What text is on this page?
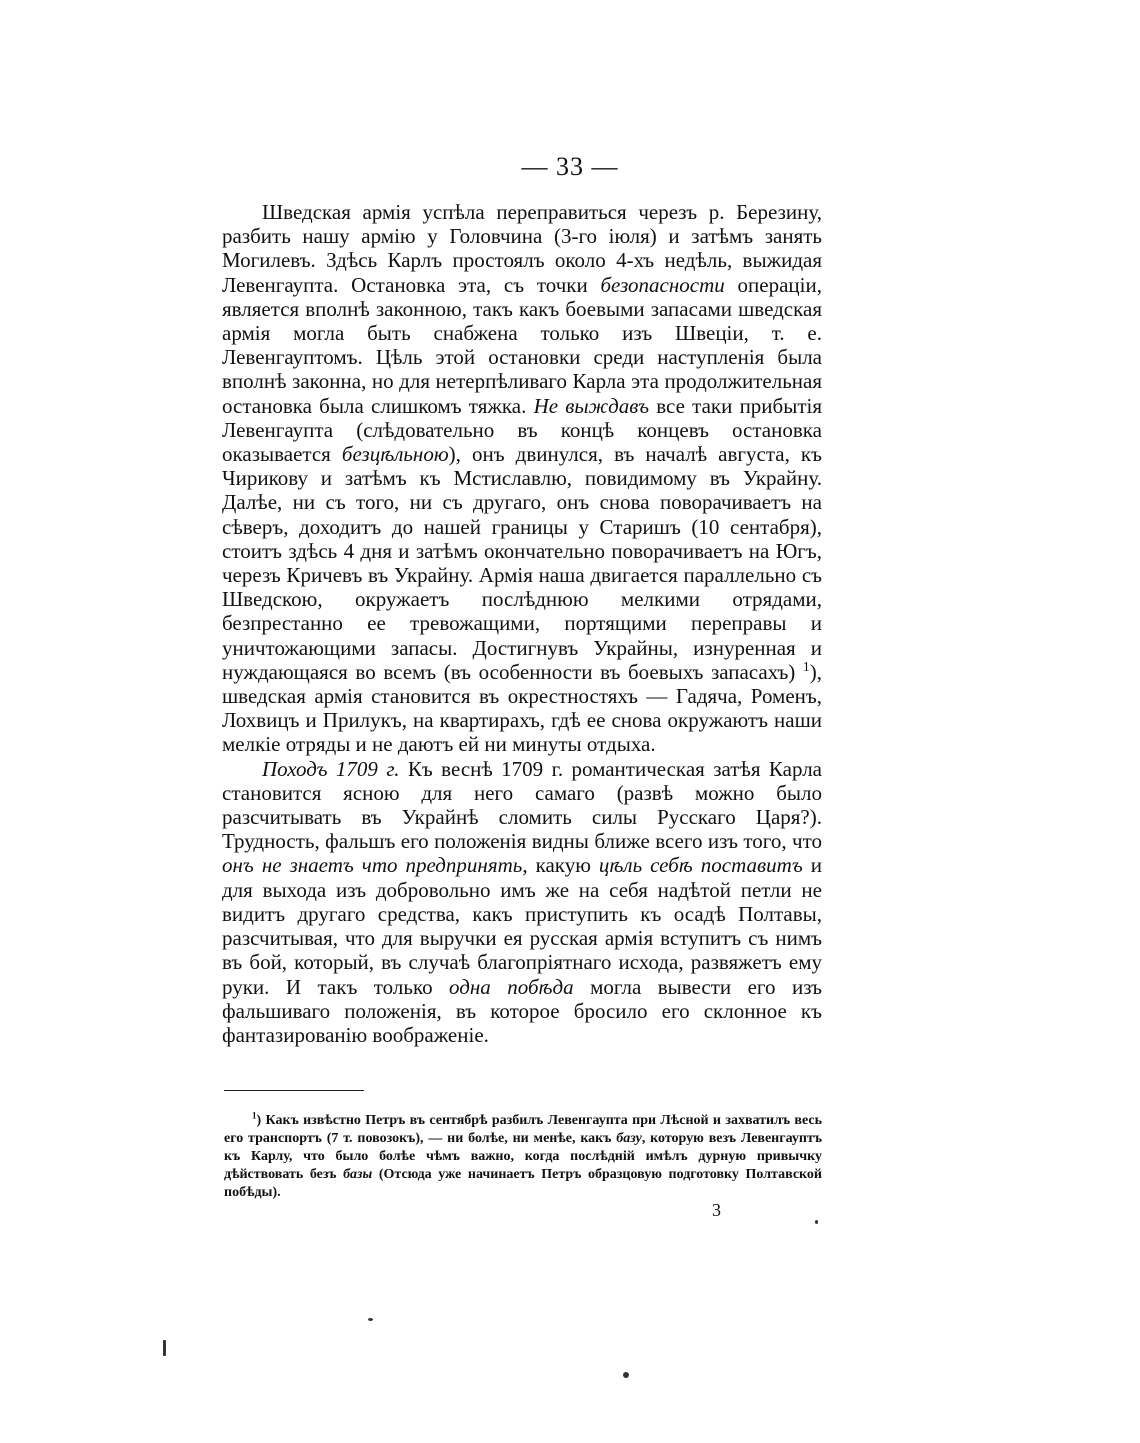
— 33 —

Шведская армія успѣла переправиться черезъ р. Березину, разбить нашу армію у Головчина (3-го іюля) и затѣмъ занять Могилевъ. Здѣсь Карлъ простоялъ около 4-хъ недѣль, выжидая Левенгаупта. Остановка эта, съ точки безопасности операціи, является вполнѣ законною, такъ какъ боевыми запасами шведская армія могла быть снабжена только изъ Швеціи, т. е. Левенгауптомъ. Цѣль этой остановки среди наступленія была вполнѣ законна, но для нетерпѣливаго Карла эта продолжительная остановка была слишкомъ тяжка. Не выждавъ все таки прибытія Левенгаупта (слѣдовательно въ концѣ концевъ остановка оказывается безцѣльною), онъ двинулся, въ началѣ августа, къ Чирикову и затѣмъ къ Мстиславлю, повидимому въ Украйну. Далѣе, ни съ того, ни съ другаго, онъ снова поворачиваетъ на сѣверъ, доходитъ до нашей границы у Старишъ (10 сентабря), стоитъ здѣсь 4 дня и затѣмъ окончательно поворачиваетъ на Югъ, черезъ Кричевъ въ Украйну. Армія наша двигается параллельно съ Шведскою, окружаетъ послѣднюю мелкими отрядами, безпрестанно ее тревожащими, портящими переправы и уничтожающими запасы. Достигнувъ Украйны, изнуренная и нуждающаяся во всемъ (въ особенности въ боевыхъ запасахъ) $^1$), шведская армія становится въ окрестностяхъ — Гадяча, Роменъ, Лохвицъ и Прилукъ, на квартирахъ, гдѣ ее снова окружаютъ наши мелкіе отряды и не даютъ ей ни минуты отдыха.

Походъ 1709 г. Къ веснѣ 1709 г. романтическая затѣя Карла становится ясною для него самаго (развѣ можно было разсчитывать въ Украйнѣ сломить силы Русскаго Царя?). Трудность, фальшъ его положенія видны ближе всего изъ того, что онъ не знаетъ что предпринять, какую цѣль себѣ поставитъ и для выхода изъ добровольно имъ же на себя надѣтой петли не видитъ другаго средства, какъ приступить къ осадѣ Полтавы, разсчитывая, что для выручки ея русская армія вступитъ съ нимъ въ бой, который, въ случаѣ благопріятнаго исхода, развяжетъ ему руки. И такъ только одна побѣда могла вывести его изъ фальшиваго положенія, въ которое бросило его склонное къ фантазированію воображеніе.

$^1$) Какъ извѣстно Петръ въ сентябрѣ разбилъ Левенгаупта при Лѣсной и захватилъ весь его транспортъ (7 т. повозокъ), — ни болѣе, ни менѣе, какъ базу, которую везъ Левенгауптъ къ Карлу, что было болѣе чѣмъ важно, когда послѣдній имѣлъ дурную привычку дѣйствовать безъ базы (Отсюда уже начинаетъ Петръ образцовую подготовку Полтавской побѣды).

3
